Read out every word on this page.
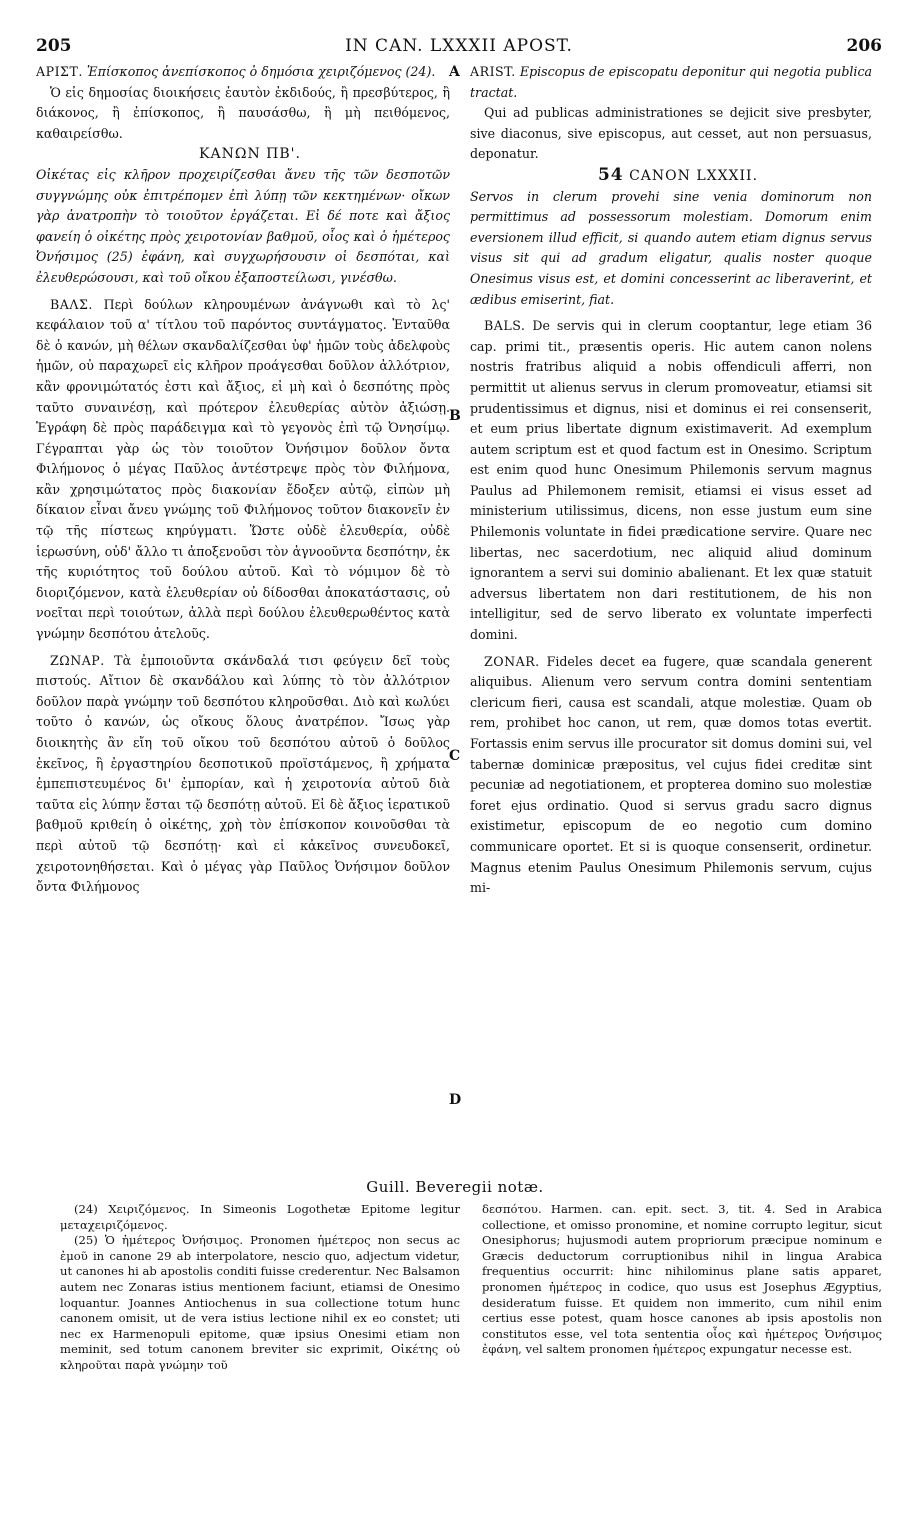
205	IN CAN. LXXXII APOST.	206
A
B
C
D

ΑΡΙΣΤ. Ἐπίσκοπος ἀνεπίσκοπος ὁ δημόσια χειριζόμενος (24).

Ὁ εἰς δημοσίας διοικήσεις ἑαυτὸν ἐκδιδούς, ἢ πρεσβύτερος, ἢ διάκονος, ἢ ἐπίσκοπος, ἢ παυσάσθω, ἢ μὴ πειθόμενος, καθαιρείσθω.

ΚΑΝΩΝ ΠΒ'.

Οἰκέτας εἰς κλῆρον προχειρίζεσθαι ἄνευ τῆς τῶν δεσποτῶν συγγνώμης οὐκ ἐπιτρέπομεν ἐπὶ λύπῃ τῶν κεκτημένων· οἴκων γὰρ ἀνατροπὴν τὸ τοιοῦτον ἐργάζεται. Εἰ δέ ποτε καὶ ἄξιος φανείη ὁ οἰκέτης πρὸς χειροτονίαν βαθμοῦ, οἷος καὶ ὁ ἡμέτερος Ὀνήσιμος (25) ἐφάνη, καὶ συγχωρήσουσιν οἱ δεσπόται, καὶ ἐλευθερώσουσι, καὶ τοῦ οἴκου ἐξαποστείλωσι, γινέσθω.

ΒΑΛΣ. Περὶ δούλων κληρουμένων ἀνάγνωθι καὶ τὸ λς' κεφάλαιον τοῦ α' τίτλου τοῦ παρόντος συντάγματος. Ἐνταῦθα δὲ ὁ κανών, μὴ θέλων σκανδαλίζεσθαι ὑφ' ἡμῶν τοὺς ἀδελφοὺς ἡμῶν, οὐ παραχωρεῖ εἰς κλῆρον προάγεσθαι δοῦλον ἀλλότριον, κἂν φρονιμώτατός ἐστι καὶ ἄξιος, εἰ μὴ καὶ ὁ δεσπότης πρὸς ταῦτο συναινέσῃ, καὶ πρότερον ἐλευθερίας αὐτὸν ἀξιώσῃ. Ἐγράφη δὲ πρὸς παράδειγμα καὶ τὸ γεγονὸς ἐπὶ τῷ Ὀνησίμῳ. Γέγραπται γὰρ ὡς τὸν τοιοῦτον Ὀνήσιμον δοῦλον ὄντα Φιλήμονος ὁ μέγας Παῦλος ἀντέστρεψε πρὸς τὸν Φιλήμονα, κἂν χρησιμώτατος πρὸς διακονίαν ἔδοξεν αὐτῷ, εἰπὼν μὴ δίκαιον εἶναι ἄνευ γνώμης τοῦ Φιλήμονος τοῦτον διακονεῖν ἐν τῷ τῆς πίστεως κηρύγματι. Ὥστε οὐδὲ ἐλευθερία, οὐδὲ ἱερωσύνη, οὐδ' ἄλλο τι ἀποξενοῦσι τὸν ἀγνοοῦντα δεσπότην, ἐκ τῆς κυριότητος τοῦ δούλου αὐτοῦ. Καὶ τὸ νόμιμον δὲ τὸ διοριζόμενον, κατὰ ἐλευθερίαν οὐ δίδοσθαι ἀποκατάστασις, οὐ νοεῖται περὶ τοιούτων, ἀλλὰ περὶ δούλου ἐλευθερωθέντος κατὰ γνώμην δεσπότου ἀτελοῦς.

ΖΩΝΑΡ. Τὰ ἐμποιοῦντα σκάνδαλά τισι φεύγειν δεῖ τοὺς πιστούς. Αἴτιον δὲ σκανδάλου καὶ λύπης τὸ τὸν ἀλλότριον δοῦλον παρὰ γνώμην τοῦ δεσπότου κληροῦσθαι. Διὸ καὶ κωλύει τοῦτο ὁ κανών, ὡς οἴκους ὅλους ἀνατρέπον. Ἴσως γὰρ διοικητὴς ἂν εἴη τοῦ οἴκου τοῦ δεσπότου αὐτοῦ ὁ δοῦλος ἐκεῖνος, ἢ ἐργαστηρίου δεσποτικοῦ προϊστάμενος, ἢ χρήματα ἐμπεπιστευμένος δι' ἐμπορίαν, καὶ ἡ χειροτονία αὐτοῦ διὰ ταῦτα εἰς λύπην ἔσται τῷ δεσπότῃ αὐτοῦ. Εἰ δὲ ἄξιος ἱερατικοῦ βαθμοῦ κριθείη ὁ οἰκέτης, χρὴ τὸν ἐπίσκοπον κοινοῦσθαι τὰ περὶ αὐτοῦ τῷ δεσπότῃ· καὶ εἰ κἀκεῖνος συνευδοκεῖ, χειροτονηθήσεται. Καὶ ὁ μέγας γὰρ Παῦλος Ὀνήσιμον δοῦλον ὄντα Φιλήμονος

ARIST. Episcopus de episcopatu deponitur qui negotia publica tractat.

Qui ad publicas administrationes se dejicit sive presbyter, sive diaconus, sive episcopus, aut cesset, aut non persuasus, deponatur.

54 CANON LXXXII.

Servos in clerum provehi sine venia dominorum non permittimus ad possessorum molestiam. Domorum enim eversionem illud efficit, si quando autem etiam dignus servus visus sit qui ad gradum eligatur, qualis noster quoque Onesimus visus est, et domini concesserint ac liberaverint, et ædibus emiserint, fiat.

BALS. De servis qui in clerum cooptantur, lege etiam 36 cap. primi tit., præsentis operis. Hic autem canon nolens nostris fratribus aliquid a nobis offendiculi afferri, non permittit ut alienus servus in clerum promoveatur, etiamsi sit prudentissimus et dignus, nisi et dominus ei rei consenserit, et eum prius libertate dignum existimaverit. Ad exemplum autem scriptum est et quod factum est in Onesimo. Scriptum est enim quod hunc Onesimum Philemonis servum magnus Paulus ad Philemonem remisit, etiamsi ei visus esset ad ministerium utilissimus, dicens, non esse justum eum sine Philemonis voluntate in fidei prædicatione servire. Quare nec libertas, nec sacerdotium, nec aliquid aliud dominum ignorantem a servi sui dominio abalienant. Et lex quæ statuit adversus libertatem non dari restitutionem, de his non intelligitur, sed de servo liberato ex voluntate imperfecti domini.

ZONAR. Fideles decet ea fugere, quæ scandala generent aliquibus. Alienum vero servum contra domini sententiam clericum fieri, causa est scandali, atque molestiæ. Quam ob rem, prohibet hoc canon, ut rem, quæ domos totas evertit. Fortassis enim servus ille procurator sit domus domini sui, vel tabernæ dominicæ præpositus, vel cujus fidei creditæ sint pecuniæ ad negotiationem, et propterea domino suo molestiæ foret ejus ordinatio. Quod si servus gradu sacro dignus existimetur, episcopum de eo negotio cum domino communicare oportet. Et si is quoque consenserit, ordinetur. Magnus etenim Paulus Onesimum Philemonis servum, cujus mi-

Guill. Beveregii notæ.

(24) Χειριζόμενος. In Simeonis Logothetæ Epitome legitur μεταχειριζόμενος.

(25) Ὁ ἡμέτερος Ὀνήσιμος. Pronomen ἡμέτερος non secus ac ἐμοῦ in canone 29 ab interpolatore, nescio quo, adjectum videtur, ut canones hi ab apostolis conditi fuisse crederentur. Nec Balsamon autem nec Zonaras istius mentionem faciunt, etiamsi de Onesimo loquantur. Joannes Antiochenus in sua collectione totum hunc canonem omisit, ut de vera istius lectione nihil ex eo constet; uti nec ex Harmenopuli epitome, quæ ipsius Onesimi etiam non meminit, sed totum canonem breviter sic exprimit, Οἰκέτης οὐ κληροῦται παρὰ γνώμην τοῦ

δεσπότου. Harmen. can. epit. sect. 3, tit. 4. Sed in Arabica collectione, et omisso pronomine, et nomine corrupto legitur, sicut Onesiphorus; hujusmodi autem propriorum præcipue nominum e Græcis deductorum corruptionibus nihil in lingua Arabica frequentius occurrit: hinc nihilominus plane satis apparet, pronomen ἡμέτερος in codice, quo usus est Josephus Ægyptius, desideratum fuisse. Et quidem non immerito, cum nihil enim certius esse potest, quam hosce canones ab ipsis apostolis non constitutos esse, vel tota sententia οἷος καὶ ἡμέτερος Ὀνήσιμος ἐφάνη, vel saltem pronomen ἡμέτερος expungatur necesse est.
